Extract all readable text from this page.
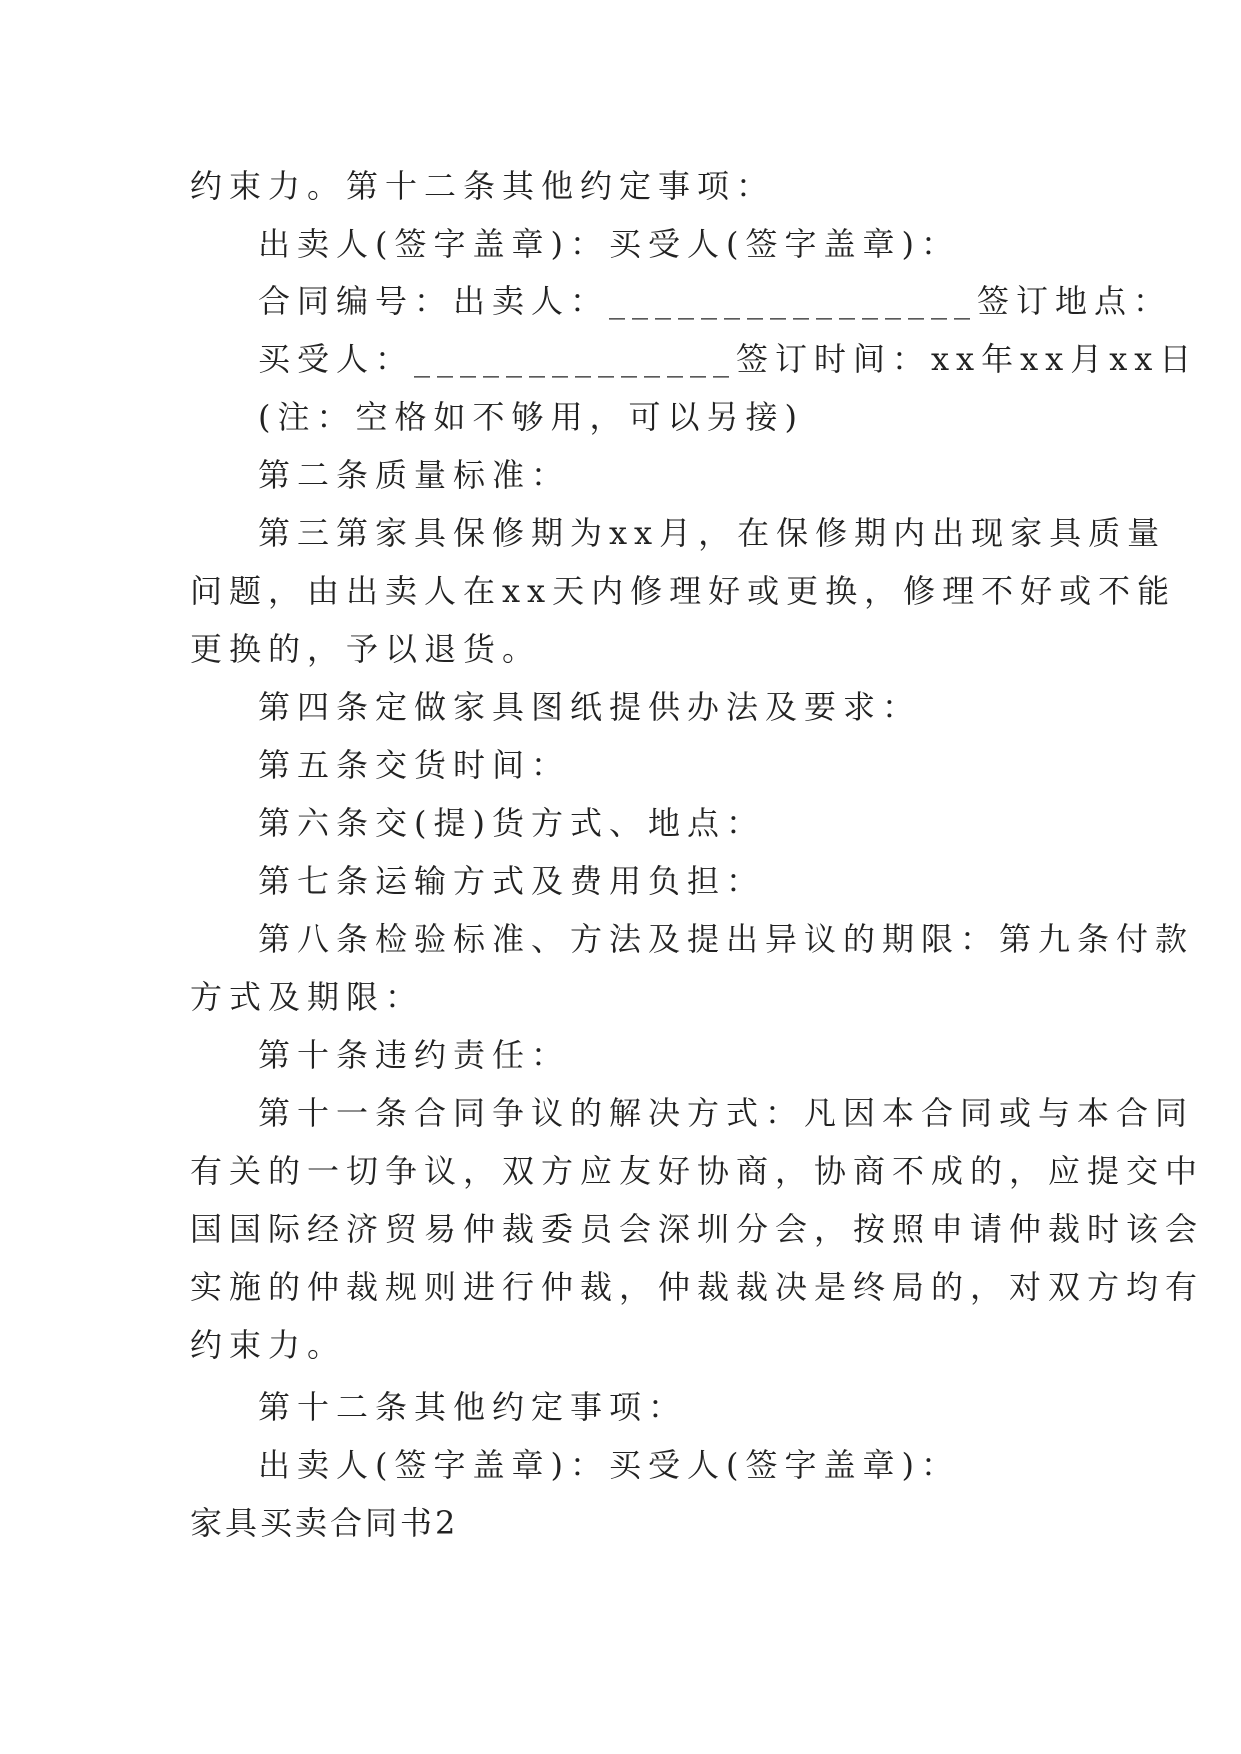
约束力。第十二条其他约定事项：
出卖人(签字盖章)：买受人(签字盖章)：
合同编号：出卖人：________________签订地点：
买受人：______________签订时间：xx年xx月xx日
(注：空格如不够用，可以另接)
第二条质量标准：
第三第家具保修期为xx月，在保修期内出现家具质量
问题，由出卖人在xx天内修理好或更换，修理不好或不能
更换的，予以退货。
第四条定做家具图纸提供办法及要求：
第五条交货时间：
第六条交(提)货方式、地点：
第七条运输方式及费用负担：
第八条检验标准、方法及提出异议的期限：第九条付款
方式及期限：
第十条违约责任：
第十一条合同争议的解决方式：凡因本合同或与本合同
有关的一切争议，双方应友好协商，协商不成的，应提交中
国国际经济贸易仲裁委员会深圳分会，按照申请仲裁时该会
实施的仲裁规则进行仲裁，仲裁裁决是终局的，对双方均有
约束力。
第十二条其他约定事项：
出卖人(签字盖章)：买受人(签字盖章)：
家具买卖合同书2
